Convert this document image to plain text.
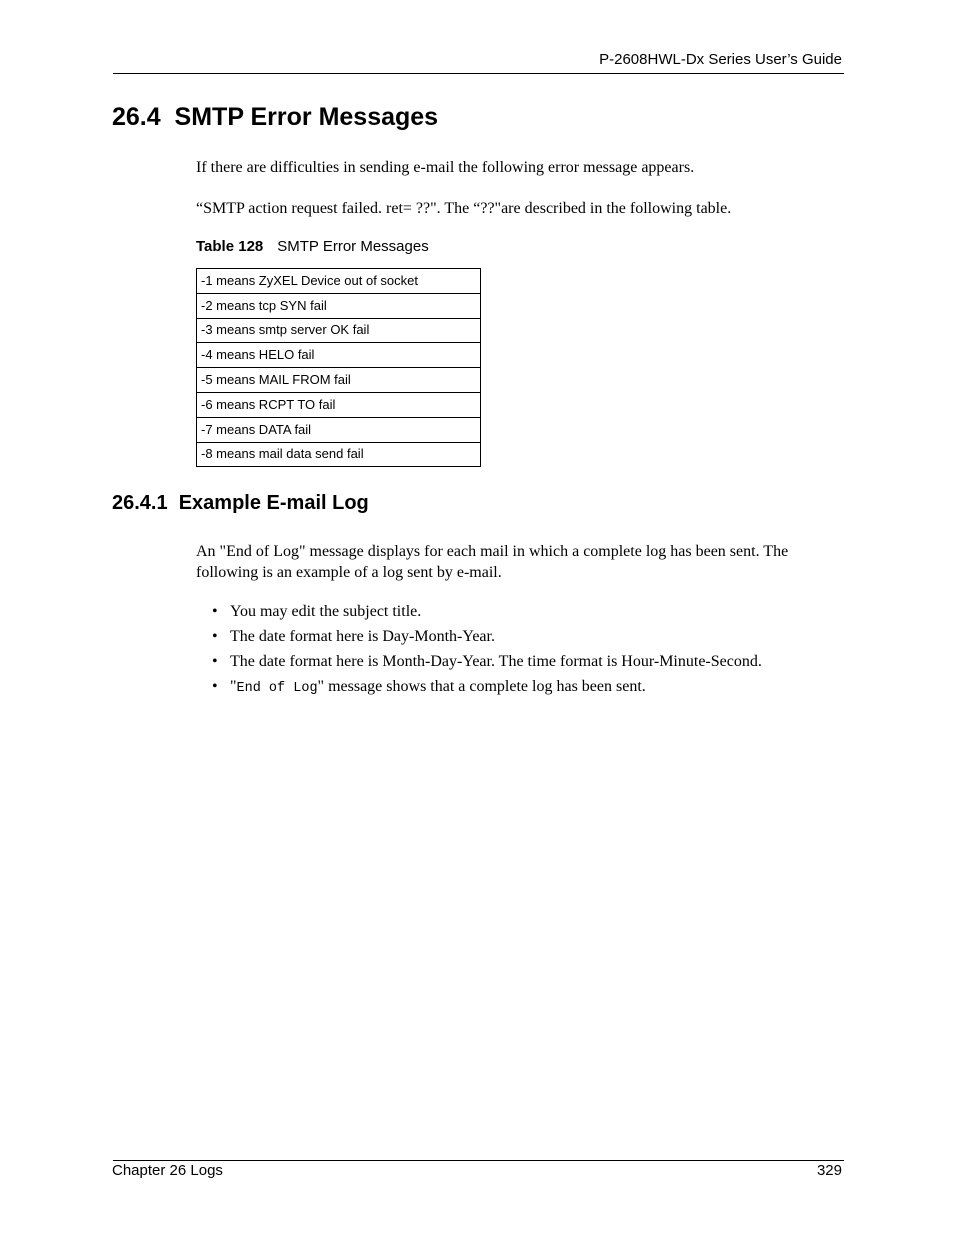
P-2608HWL-Dx Series User’s Guide
26.4  SMTP Error Messages

If there are difficulties in sending e-mail the following error message appears.

“SMTP action request failed. ret= ??". The “??"are described in the following table.

Table 128 SMTP Error Messages
-1 means ZyXEL Device out of socket
-2 means tcp SYN fail
-3 means smtp server OK fail
-4 means HELO fail
-5 means MAIL FROM fail
-6 means RCPT TO fail
-7 means DATA fail
-8 means mail data send fail
26.4.1  Example E-mail Log

An "End of Log" message displays for each mail in which a complete log has been sent. The following is an example of a log sent by e-mail.

• You may edit the subject title.
• The date format here is Day-Month-Year.
• The date format here is Month-Day-Year. The time format is Hour-Minute-Second.
• "End of Log" message shows that a complete log has been sent.
Chapter 26 Logs	329
